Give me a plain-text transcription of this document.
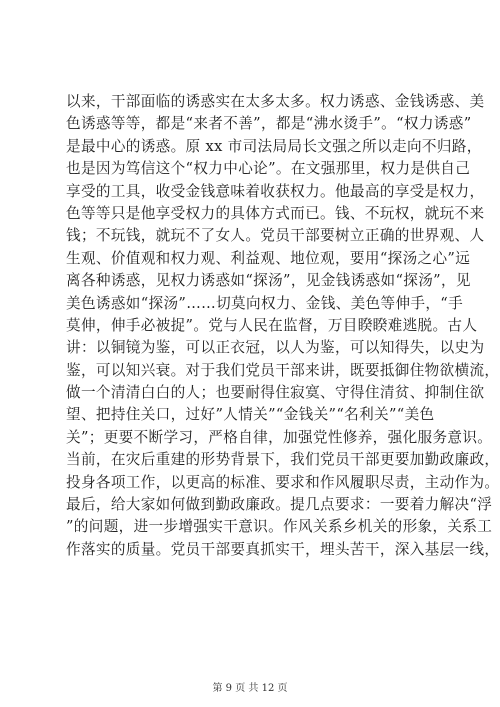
以来，干部面临的诱惑实在太多太多。权力诱惑、金钱诱惑、美
色诱惑等等，都是“来者不善”，都是“沸水烫手”。“权力诱惑”
是最中心的诱惑。原 xx 市司法局局长文强之所以走向不归路，
也是因为笃信这个“权力中心论”。在文强那里，权力是供自己
享受的工具，收受金钱意味着收获权力。他最高的享受是权力，
色等等只是他享受权力的具体方式而已。钱、不玩权，就玩不来
钱；不玩钱，就玩不了女人。党员干部要树立正确的世界观、人
生观、价值观和权力观、利益观、地位观，要用“探汤之心”远
离各种诱惑，见权力诱惑如“探汤”，见金钱诱惑如“探汤”，见
美色诱惑如“探汤”……切莫向权力、金钱、美色等伸手，“手
莫伸，伸手必被捉”。党与人民在监督，万目睽睽难逃脱。古人
讲：以铜镜为鉴，可以正衣冠，以人为鉴，可以知得失，以史为
鉴，可以知兴衰。对于我们党员干部来讲，既要抵御住物欲横流，
做一个清清白白的人；也要耐得住寂寞、守得住清贫、抑制住欲
望、把持住关口，过好”人情关”“金钱关”“名利关”“美色
关”；更要不断学习，严格自律，加强党性修养，强化服务意识。
当前，在灾后重建的形势背景下，我们党员干部更要加勤政廉政，
投身各项工作，以更高的标准、要求和作风履职尽责，主动作为。
最后，给大家如何做到勤政廉政。提几点要求：一要着力解决“浮
”的问题，进一步增强实干意识。作风关系乡机关的形象，关系工
作落实的质量。党员干部要真抓实干，埋头苦干，深入基层一线，
第 9 页 共 12 页
